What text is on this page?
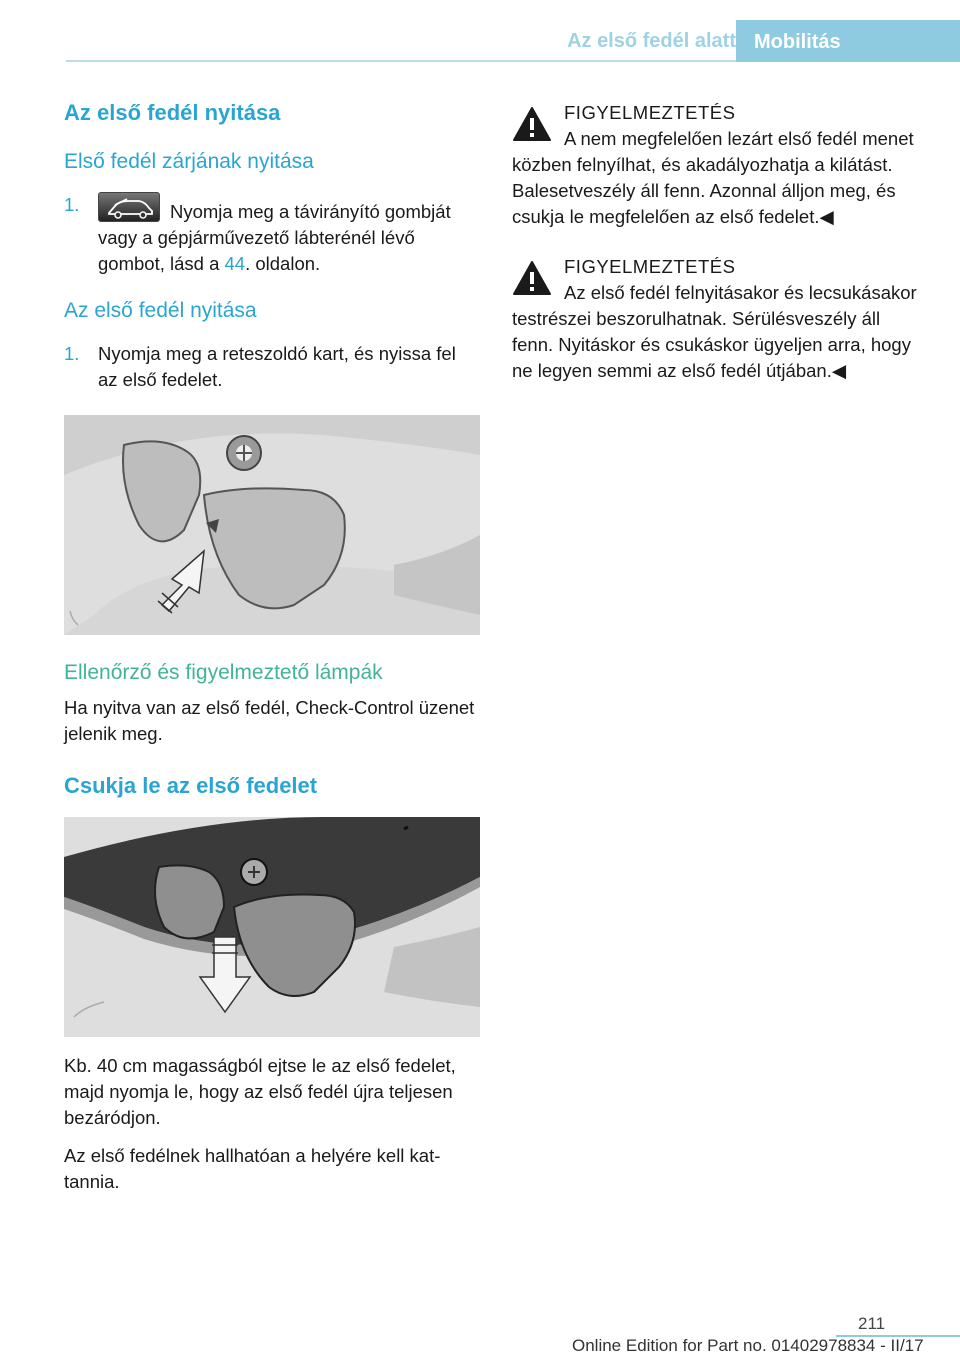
Az első fedél alatt Mobilitás
Az első fedél nyitása
Első fedél zárjának nyitása
1.	Nyomja meg a távirányító gombját vagy a gépjárművezető lábterénél lévő gombot, lásd a 44. oldalon.
Az első fedél nyitása
1.	Nyomja meg a reteszoldó kart, és nyissa fel az első fedelet.
Ellenőrző és figyelmeztető lámpák

Ha nyitva van az első fedél, Check-Control üzenet jelenik meg.

Csukja le az első fedelet

Kb. 40 cm magasságból ejtse le az első fedelet, majd nyomja le, hogy az első fedél újra teljesen bezáródjon.

Az első fedélnek hallhatóan a helyére kell kattannia.

FIGYELMEZTETÉS

A nem megfelelően lezárt első fedél menet közben felnyílhat, és akadályozhatja a kilátást. Balesetveszély áll fenn. Azonnal álljon meg, és csukja le megfelelően az első fedelet.◀

FIGYELMEZTETÉS

Az első fedél felnyitásakor és lecsukásakor testrészei beszorulhatnak. Sérülésveszély áll fenn. Nyitáskor és csukáskor ügyeljen arra, hogy ne legyen semmi az első fedél útjában.◀

211
Online Edition for Part no. 01402978834 - II/17
